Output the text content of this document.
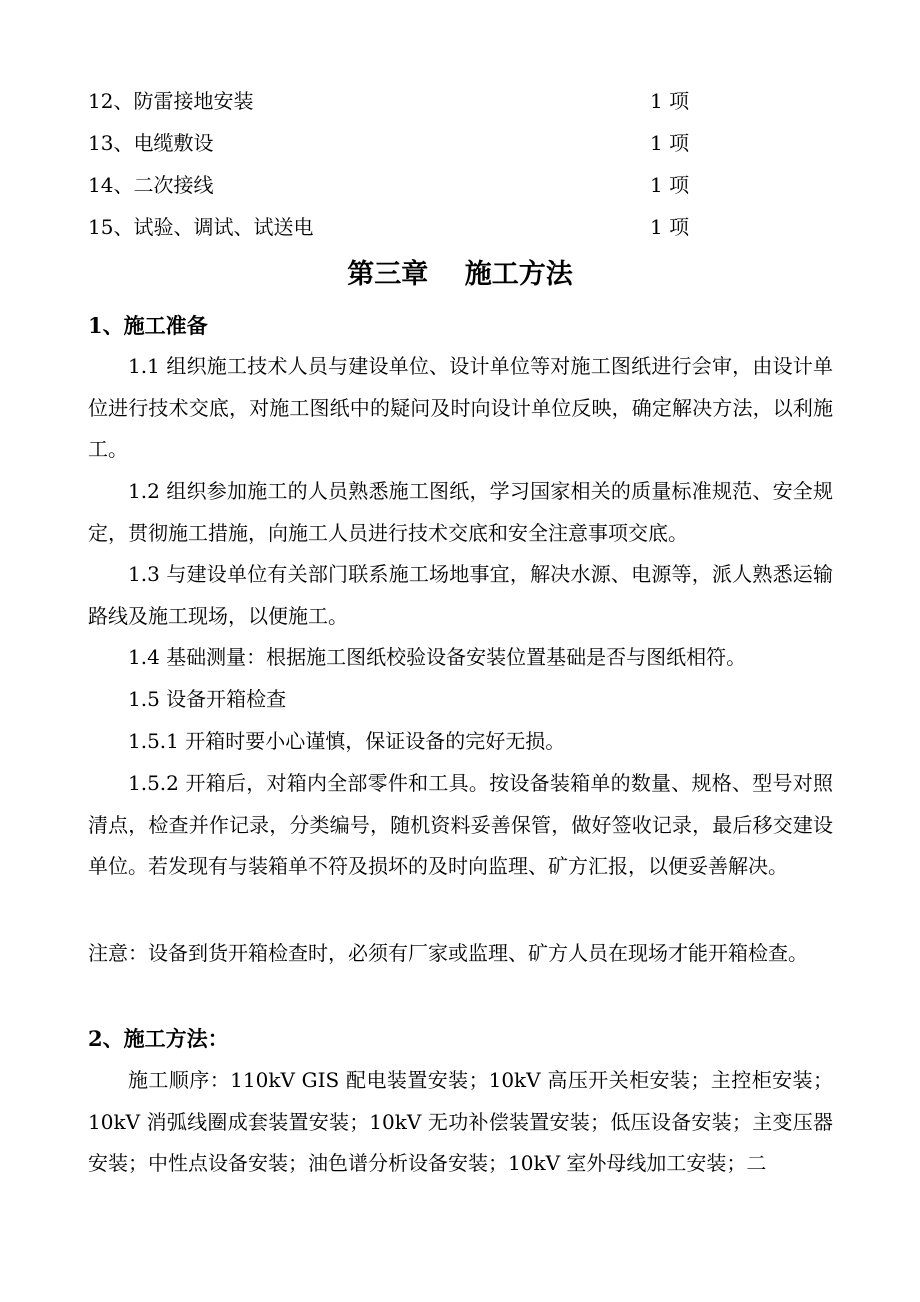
12、防雷接地安装	1 项
13、电缆敷设	1 项
14、二次接线	1 项
15、试验、调试、试送电	1 项
第三章　 施工方法
1、施工准备
1.1 组织施工技术人员与建设单位、设计单位等对施工图纸进行会审，由设计单位进行技术交底，对施工图纸中的疑问及时向设计单位反映，确定解决方法，以利施工。
1.2 组织参加施工的人员熟悉施工图纸，学习国家相关的质量标准规范、安全规定，贯彻施工措施，向施工人员进行技术交底和安全注意事项交底。
1.3 与建设单位有关部门联系施工场地事宜，解决水源、电源等，派人熟悉运输路线及施工现场，以便施工。
1.4 基础测量：根据施工图纸校验设备安装位置基础是否与图纸相符。
1.5 设备开箱检查
1.5.1 开箱时要小心谨慎，保证设备的完好无损。
1.5.2 开箱后，对箱内全部零件和工具。按设备装箱单的数量、规格、型号对照清点，检查并作记录，分类编号，随机资料妥善保管，做好签收记录，最后移交建设单位。若发现有与装箱单不符及损坏的及时向监理、矿方汇报，以便妥善解决。
注意：设备到货开箱检查时，必须有厂家或监理、矿方人员在现场才能开箱检查。
2、施工方法：
施工顺序：110kV GIS 配电装置安装；10kV 高压开关柜安装；主控柜安装；10kV 消弧线圈成套装置安装；10kV 无功补偿装置安装；低压设备安装；主变压器安装；中性点设备安装；油色谱分析设备安装；10kV 室外母线加工安装；二
